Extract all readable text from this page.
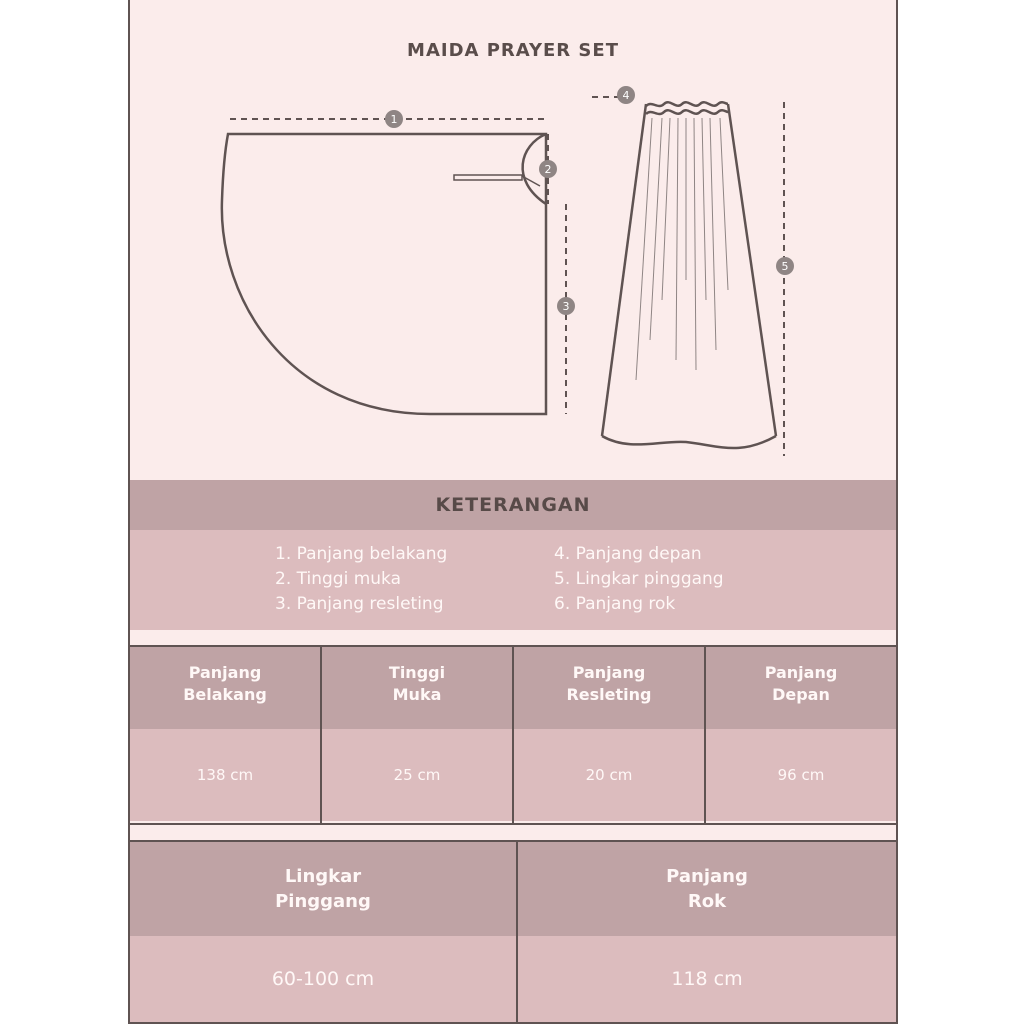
MAIDA PRAYER SET
1
2
3
4
5
KETERANGAN
1. Panjang belakang
2. Tinggi muka
3. Panjang resleting
4. Panjang depan
5. Lingkar pinggang
6. Panjang rok
Panjang
Belakang
138 cm
Tinggi
Muka
25 cm
Panjang
Resleting
20 cm
Panjang
Depan
96 cm
Lingkar
Pinggang
60-100 cm
Panjang
Rok
118 cm
